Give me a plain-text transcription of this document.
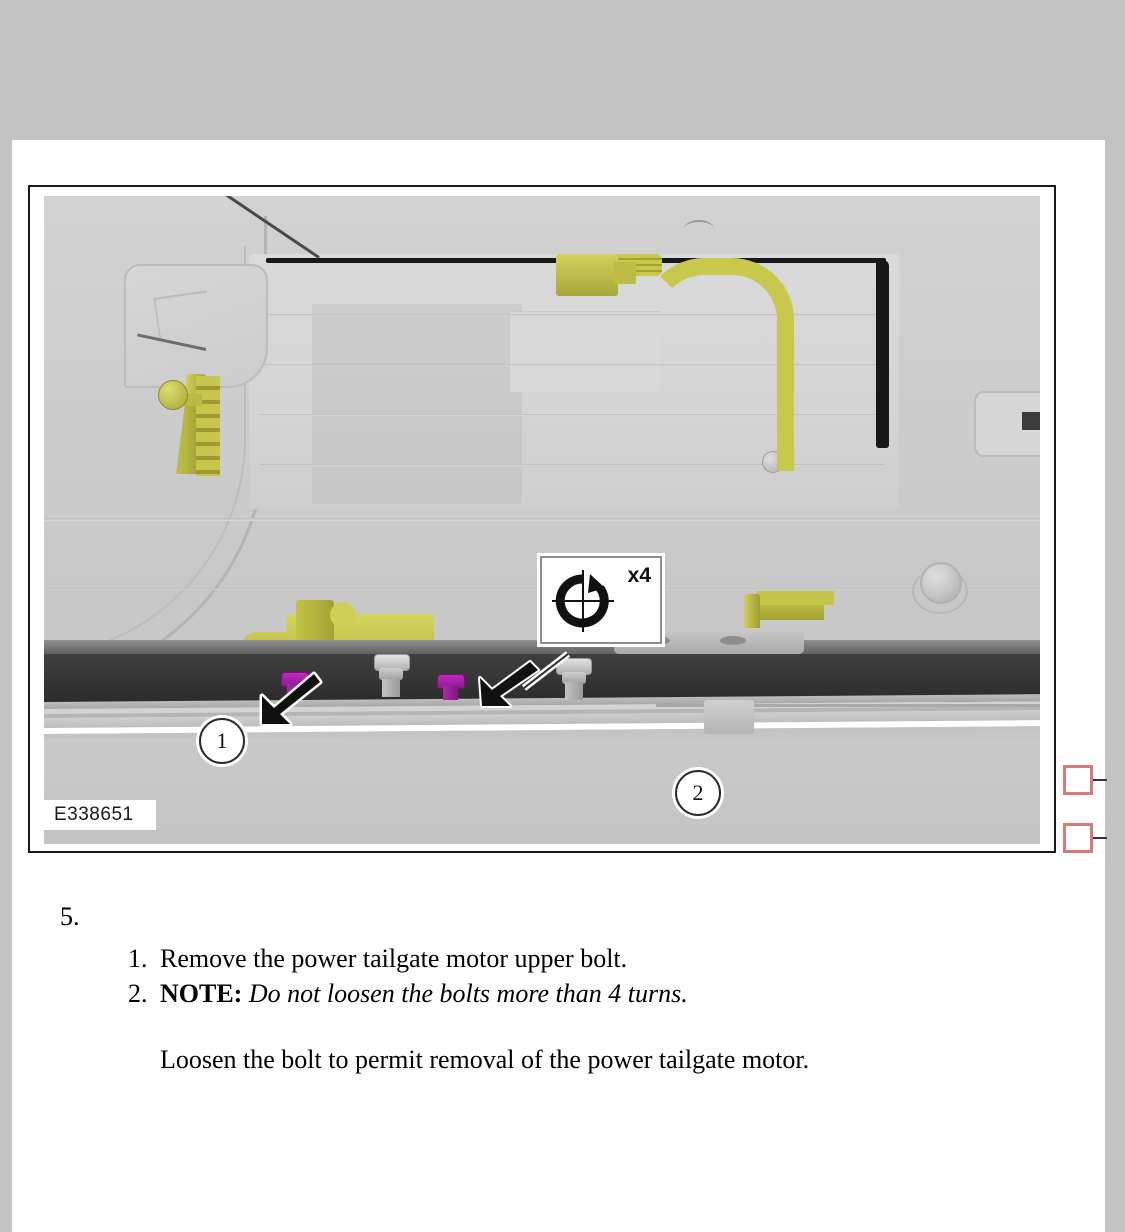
x4
1
2
E338651
5.
1. Remove the power tailgate motor upper bolt.
2. NOTE: Do not loosen the bolts more than 4 turns.
Loosen the bolt to permit removal of the power tailgate motor.
